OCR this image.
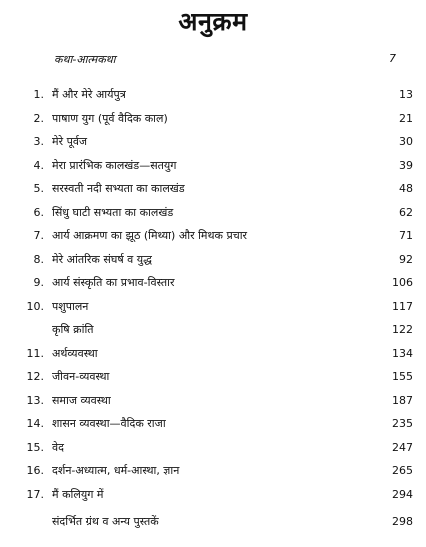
अनुक्रम
कथा-आत्मकथा	7
1. मैं और मेरे आर्यपुत्र	13
2. पाषाण युग (पूर्व वैदिक काल)	21
3. मेरे पूर्वज	30
4. मेरा प्रारंभिक कालखंड—सतयुग	39
5. सरस्वती नदी सभ्यता का कालखंड	48
6. सिंधु घाटी सभ्यता का कालखंड	62
7. आर्य आक्रमण का झूठ (मिथ्या) और मिथक प्रचार	71
8. मेरे आंतरिक संघर्ष व युद्ध	92
9. आर्य संस्कृति का प्रभाव-विस्तार	106
10. पशुपालन	117
कृषि क्रांति	122
11. अर्थव्यवस्था	134
12. जीवन-व्यवस्था	155
13. समाज व्यवस्था	187
14. शासन व्यवस्था—वैदिक राजा	235
15. वेद	247
16. दर्शन-अध्यात्म, धर्म-आस्था, ज्ञान	265
17. मैं कलियुग में	294
संदर्भित ग्रंथ व अन्य पुस्तकें	298
